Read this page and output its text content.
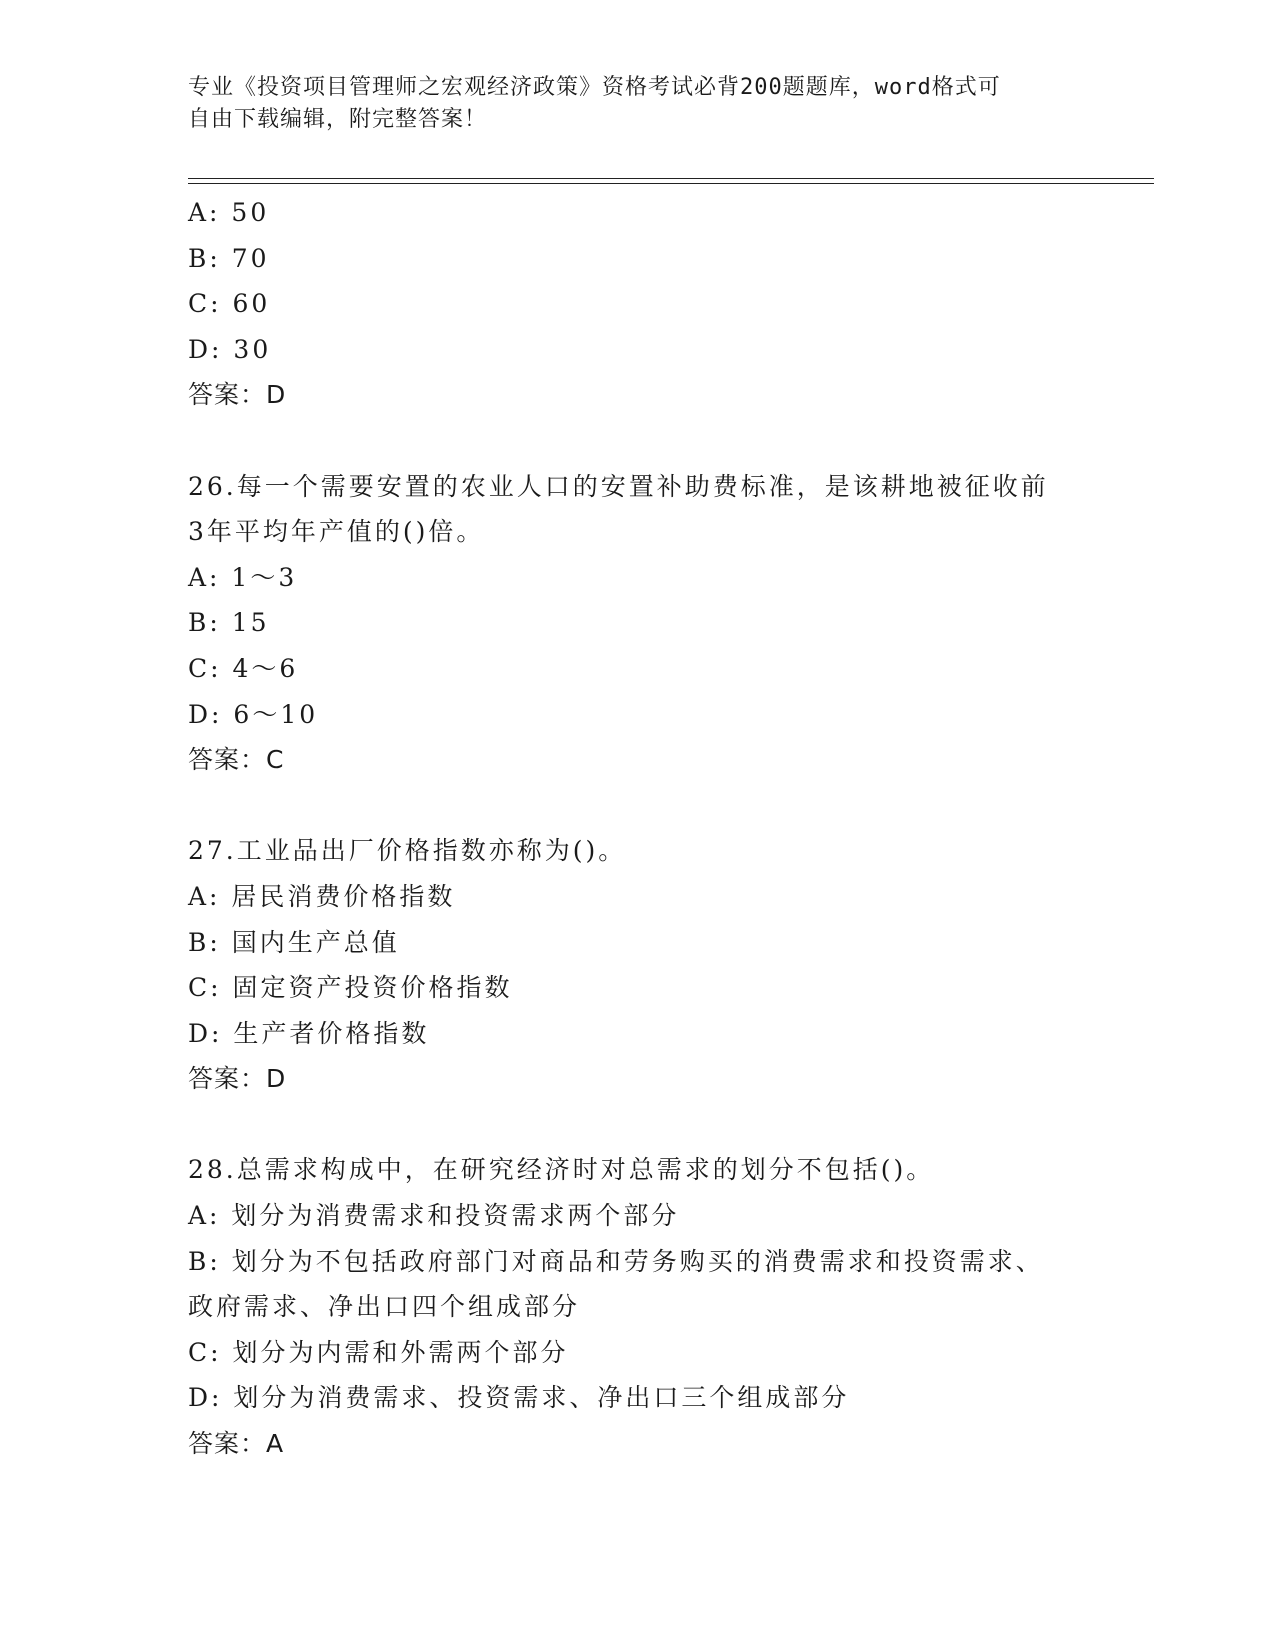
专业《投资项目管理师之宏观经济政策》资格考试必背200题题库，word格式可
自由下载编辑，附完整答案！
A: 50
B: 70
C: 60
D: 30
答案：D
26.每一个需要安置的农业人口的安置补助费标准，是该耕地被征收前
3年平均年产值的()倍。
A: 1～3
B: 15
C: 4～6
D: 6～10
答案：C
27.工业品出厂价格指数亦称为()。
A: 居民消费价格指数
B: 国内生产总值
C: 固定资产投资价格指数
D: 生产者价格指数
答案：D
28.总需求构成中，在研究经济时对总需求的划分不包括()。
A: 划分为消费需求和投资需求两个部分
B: 划分为不包括政府部门对商品和劳务购买的消费需求和投资需求、
政府需求、净出口四个组成部分
C: 划分为内需和外需两个部分
D: 划分为消费需求、投资需求、净出口三个组成部分
答案：A
